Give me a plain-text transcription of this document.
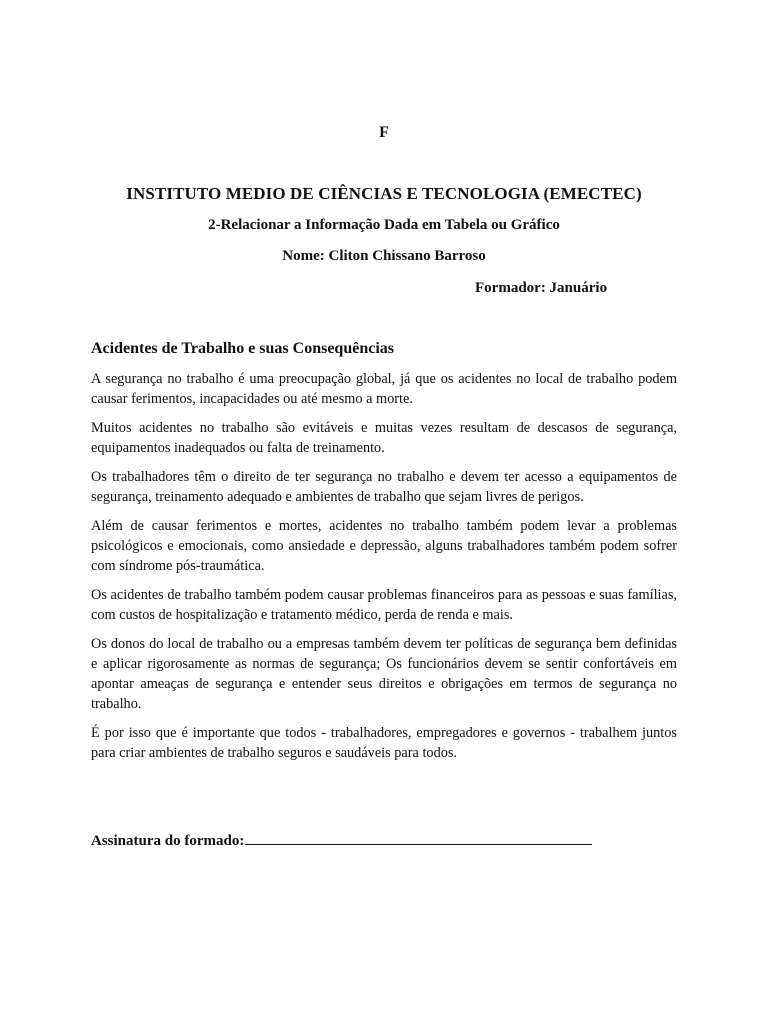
F
INSTITUTO MEDIO DE CIÊNCIAS E TECNOLOGIA (EMECTEC)
2-Relacionar a Informação Dada em Tabela ou Gráfico
Nome: Cliton Chissano Barroso
Formador: Januário
Acidentes de Trabalho e suas Consequências

A segurança no trabalho é uma preocupação global, já que os acidentes no local de trabalho podem causar ferimentos, incapacidades ou até mesmo a morte.

Muitos acidentes no trabalho são evitáveis e muitas vezes resultam de descasos de segurança, equipamentos inadequados ou falta de treinamento.

Os trabalhadores têm o direito de ter segurança no trabalho e devem ter acesso a equipamentos de segurança, treinamento adequado e ambientes de trabalho que sejam livres de perigos.

Além de causar ferimentos e mortes, acidentes no trabalho também podem levar a problemas psicológicos e emocionais, como ansiedade e depressão, alguns trabalhadores também podem sofrer com síndrome pós-traumática.

Os acidentes de trabalho também podem causar problemas financeiros para as pessoas e suas famílias, com custos de hospitalização e tratamento médico, perda de renda e mais.

Os donos do local de trabalho ou a empresas também devem ter políticas de segurança bem definidas e aplicar rigorosamente as normas de segurança; Os funcionários devem se sentir confortáveis em apontar ameaças de segurança e entender seus direitos e obrigações em termos de segurança no trabalho.

É por isso que é importante que todos - trabalhadores, empregadores e governos - trabalhem juntos para criar ambientes de trabalho seguros e saudáveis para todos.

Assinatura do formado:
